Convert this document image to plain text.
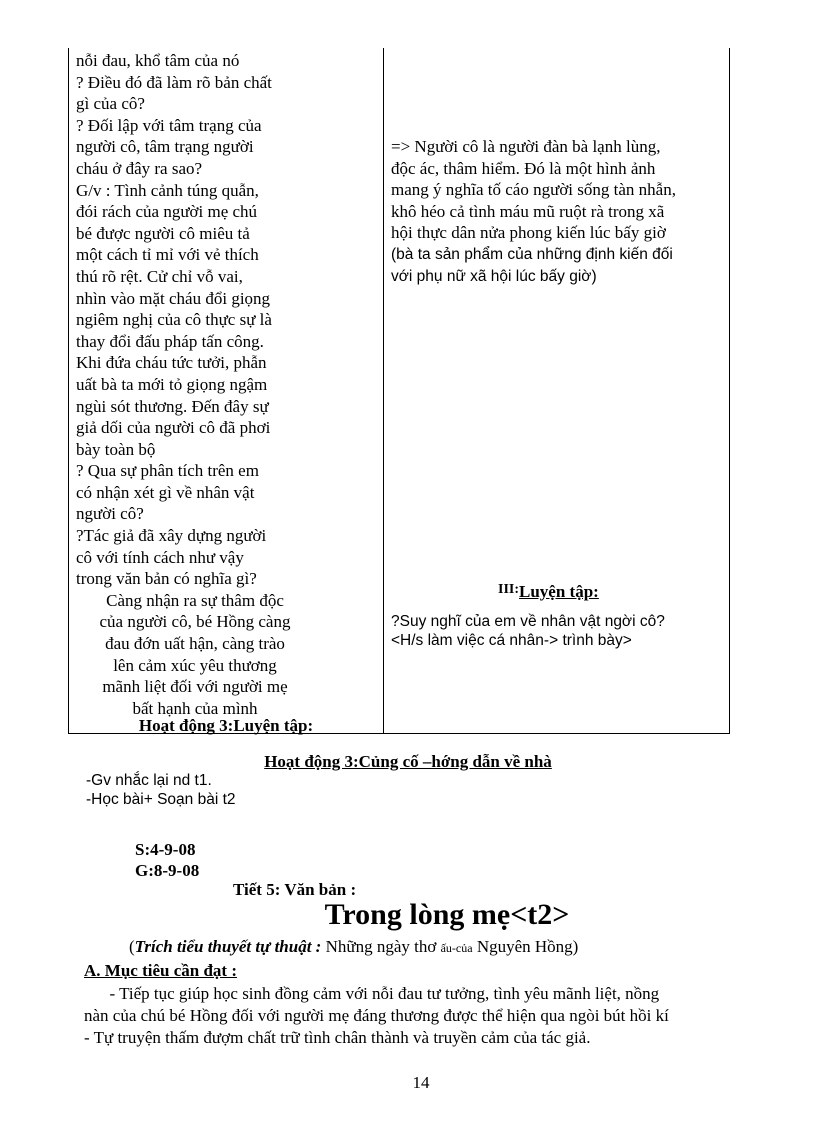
nỗi đau, khổ tâm của nó
? Điều đó đã làm rõ bản chất
gì của cô?
? Đối lập với tâm trạng của
người cô, tâm trạng người
cháu ở đây ra sao?
G/v : Tình cảnh túng quẫn,
đói rách của người mẹ chú
bé được người cô miêu tả
một cách tỉ mỉ với vẻ thích
thú rõ rệt. Cử chỉ vỗ vai,
nhìn vào mặt cháu đổi giọng
ngiêm nghị của cô thực sự là
thay đổi đấu pháp tấn công.
Khi đứa cháu tức tưởi, phẫn
uất bà ta mới tỏ giọng ngậm
ngùi sót thương. Đến đây sự
giả dối của người cô đã phơi
bày toàn bộ
? Qua sự phân tích trên em
có nhận xét gì về nhân vật
người cô?
?Tác giả đã xây dựng người
cô với tính cách như vậy
trong văn bản có nghĩa gì?
Càng nhận ra sự thâm độc
của người cô, bé Hồng càng
đau đớn uất hận, càng trào
lên cảm xúc yêu thương
mãnh liệt đối với người mẹ
bất hạnh của mình
Hoạt động 3:Luyện tập:
=> Người cô là người đàn bà lạnh lùng,
độc ác, thâm hiểm. Đó là một hình ảnh
mang ý nghĩa tố cáo người sống tàn nhẫn,
khô héo cả tình máu mũ ruột rà trong xã
hội thực dân nửa phong kiến lúc bấy giờ
(bà ta sản phẩm của những định kiến đối
với phụ nữ xã hội lúc bấy giờ)
$^{III:}$Luyện tập:
?Suy nghĩ của em về nhân vật ngời cô?
<H/s làm việc cá nhân-> trình bày>
Hoạt động 3:Củng cố –hớng dẫn về nhà
-Gv nhắc lại nd t1.
-Học bài+ Soạn bài t2
S:4-9-08
G:8-9-08
Tiết 5: Văn bản :
Trong lòng mẹ<t2>
(Trích tiểu thuyết tự thuật : Những ngày thơ ấu-của Nguyên Hồng)
A. Mục tiêu cần đạt :
- Tiếp tục giúp học sinh đồng cảm với nỗi đau tư tưởng, tình yêu mãnh liệt, nồng
nàn của chú bé Hồng đối với người mẹ đáng thương được thể hiện qua ngòi bút hồi kí
- Tự truyện thấm đượm chất trữ tình chân thành và truyền cảm của tác giả.
14
